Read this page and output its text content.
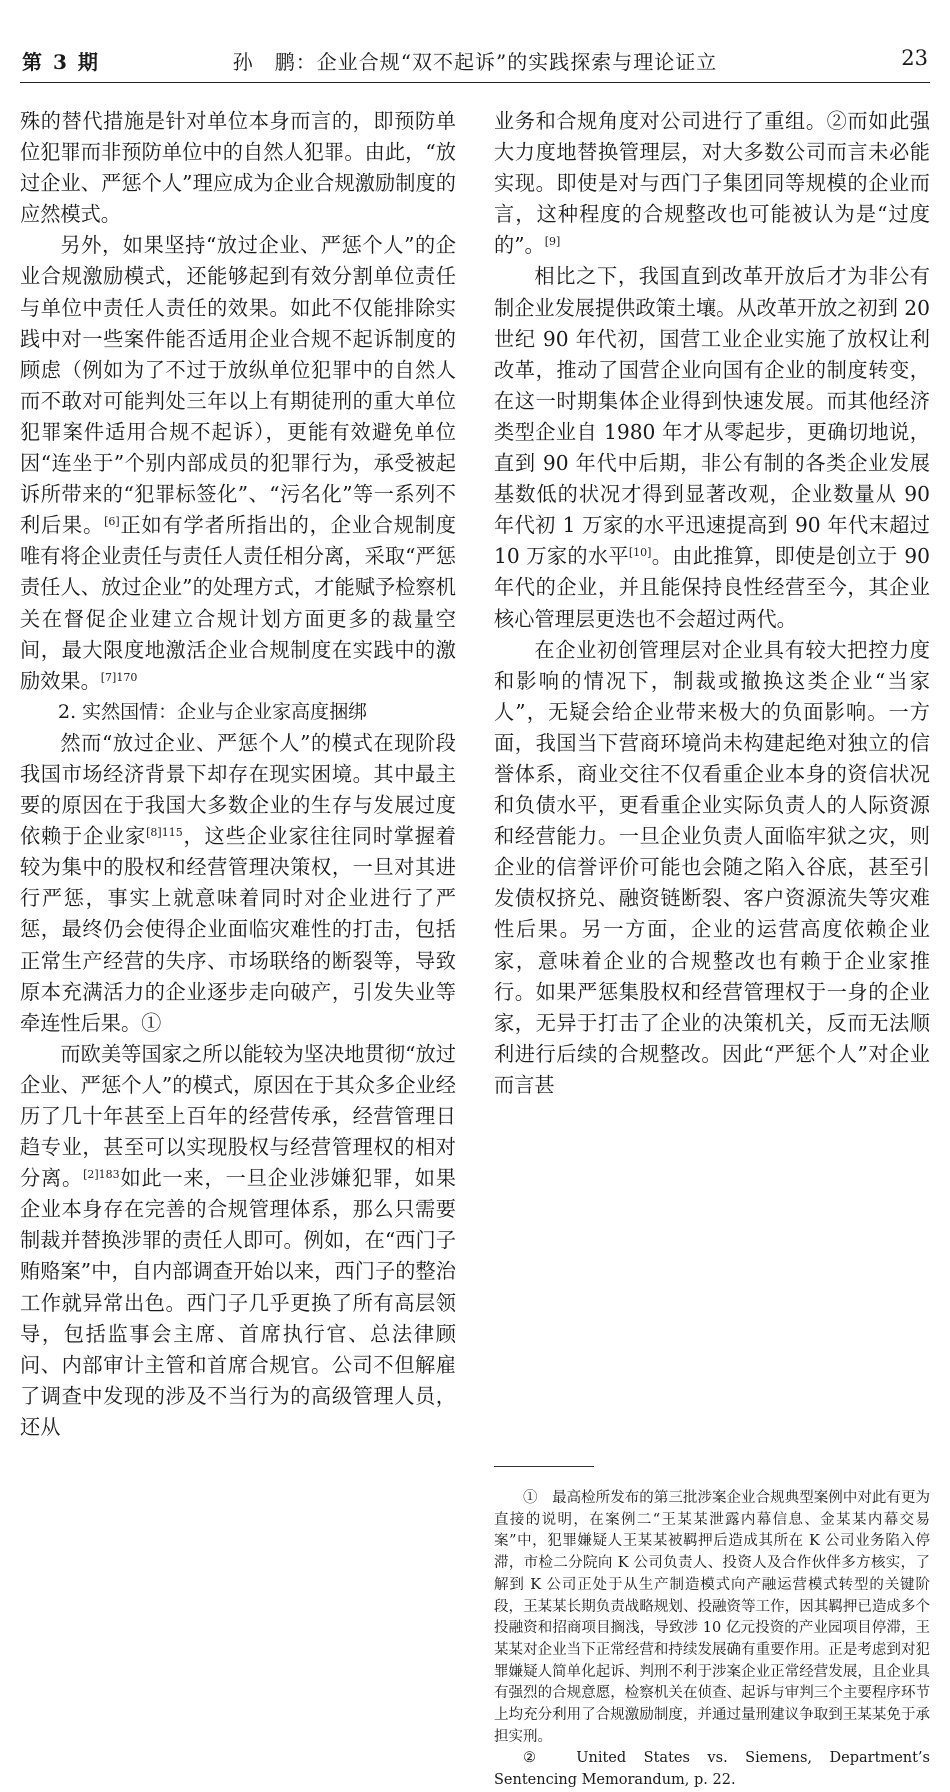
第 3 期	孙　鹏：企业合规“双不起诉”的实践探索与理论证立	23

殊的替代措施是针对单位本身而言的，即预防单位犯罪而非预防单位中的自然人犯罪。由此，“放过企业、严惩个人”理应成为企业合规激励制度的应然模式。

另外，如果坚持“放过企业、严惩个人”的企业合规激励模式，还能够起到有效分割单位责任与单位中责任人责任的效果。如此不仅能排除实践中对一些案件能否适用企业合规不起诉制度的顾虑（例如为了不过于放纵单位犯罪中的自然人而不敢对可能判处三年以上有期徒刑的重大单位犯罪案件适用合规不起诉），更能有效避免单位因“连坐于”个别内部成员的犯罪行为，承受被起诉所带来的“犯罪标签化”、“污名化”等一系列不利后果。[6]正如有学者所指出的，企业合规制度唯有将企业责任与责任人责任相分离，采取“严惩责任人、放过企业”的处理方式，才能赋予检察机关在督促企业建立合规计划方面更多的裁量空间，最大限度地激活企业合规制度在实践中的激励效果。$^{[7]170}$

2. 实然国情：企业与企业家高度捆绑

然而“放过企业、严惩个人”的模式在现阶段我国市场经济背景下却存在现实困境。其中最主要的原因在于我国大多数企业的生存与发展过度依赖于企业家$^{[8]115}$，这些企业家往往同时掌握着较为集中的股权和经营管理决策权，一旦对其进行严惩，事实上就意味着同时对企业进行了严惩，最终仍会使得企业面临灾难性的打击，包括正常生产经营的失序、市场联络的断裂等，导致原本充满活力的企业逐步走向破产，引发失业等牵连性后果。①

而欧美等国家之所以能较为坚决地贯彻“放过企业、严惩个人”的模式，原因在于其众多企业经历了几十年甚至上百年的经营传承，经营管理日趋专业，甚至可以实现股权与经营管理权的相对分离。$^{[2]183}$如此一来，一旦企业涉嫌犯罪，如果企业本身存在完善的合规管理体系，那么只需要制裁并替换涉罪的责任人即可。例如，在“西门子贿赂案”中，自内部调查开始以来，西门子的整治工作就异常出色。西门子几乎更换了所有高层领导，包括监事会主席、首席执行官、总法律顾问、内部审计主管和首席合规官。公司不但解雇了调查中发现的涉及不当行为的高级管理人员，还从

业务和合规角度对公司进行了重组。②而如此强大力度地替换管理层，对大多数公司而言未必能实现。即使是对与西门子集团同等规模的企业而言，这种程度的合规整改也可能被认为是“过度的”。[9]

相比之下，我国直到改革开放后才为非公有制企业发展提供政策土壤。从改革开放之初到 20 世纪 90 年代初，国营工业企业实施了放权让利改革，推动了国营企业向国有企业的制度转变，在这一时期集体企业得到快速发展。而其他经济类型企业自 1980 年才从零起步，更确切地说，直到 90 年代中后期，非公有制的各类企业发展基数低的状况才得到显著改观，企业数量从 90 年代初 1 万家的水平迅速提高到 90 年代末超过 10 万家的水平[10]。由此推算，即使是创立于 90 年代的企业，并且能保持良性经营至今，其企业核心管理层更迭也不会超过两代。

在企业初创管理层对企业具有较大把控力度和影响的情况下，制裁或撤换这类企业“当家人”，无疑会给企业带来极大的负面影响。一方面，我国当下营商环境尚未构建起绝对独立的信誉体系，商业交往不仅看重企业本身的资信状况和负债水平，更看重企业实际负责人的人际资源和经营能力。一旦企业负责人面临牢狱之灾，则企业的信誉评价可能也会随之陷入谷底，甚至引发债权挤兑、融资链断裂、客户资源流失等灾难性后果。另一方面，企业的运营高度依赖企业家，意味着企业的合规整改也有赖于企业家推行。如果严惩集股权和经营管理权于一身的企业家，无异于打击了企业的决策机关，反而无法顺利进行后续的合规整改。因此“严惩个人”对企业而言甚

①　最高检所发布的第三批涉案企业合规典型案例中对此有更为直接的说明，在案例二“王某某泄露内幕信息、金某某内幕交易案”中，犯罪嫌疑人王某某被羁押后造成其所在 K 公司业务陷入停滞，市检二分院向 K 公司负责人、投资人及合作伙伴多方核实，了解到 K 公司正处于从生产制造模式向产融运营模式转型的关键阶段，王某某长期负责战略规划、投融资等工作，因其羁押已造成多个投融资和招商项目搁浅，导致涉 10 亿元投资的产业园项目停滞，王某某对企业当下正常经营和持续发展确有重要作用。正是考虑到对犯罪嫌疑人简单化起诉、判刑不利于涉案企业正常经营发展，且企业具有强烈的合规意愿，检察机关在侦查、起诉与审判三个主要程序环节上均充分利用了合规激励制度，并通过量刑建议争取到王某某免于承担实刑。

②　United States vs. Siemens, Department’s Sentencing Memorandum, p. 22.
